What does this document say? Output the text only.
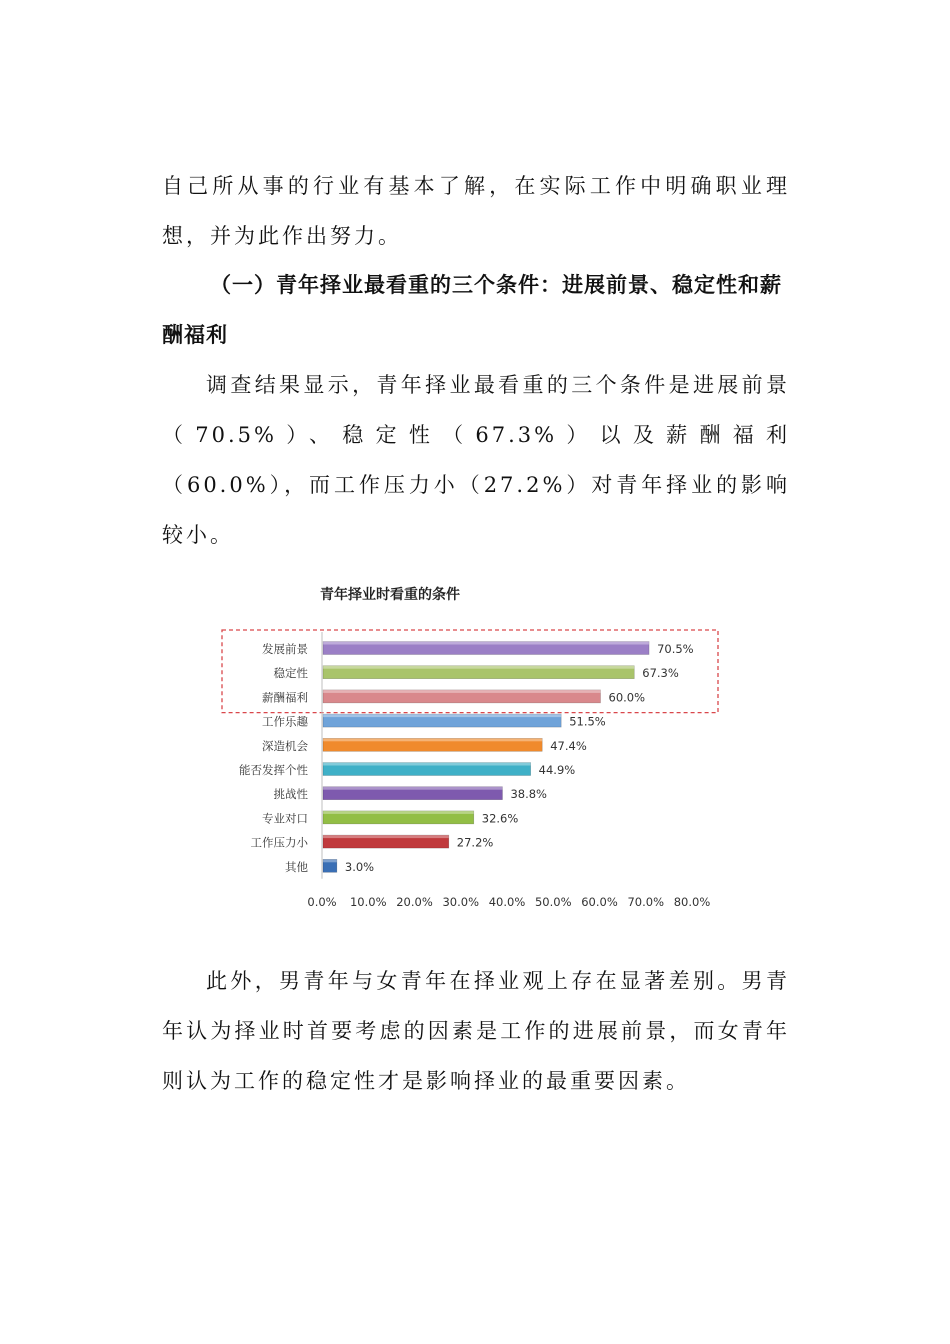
自己所从事的行业有基本了解，在实际工作中明确职业理想，并为此作出努力。

（一）青年择业最看重的三个条件：进展前景、稳定性和薪酬福利

调查结果显示，青年择业最看重的三个条件是进展前景（70.5%）、稳定性（67.3%）以及薪酬福利（60.0%），而工作压力小（27.2%）对青年择业的影响较小。

青年择业时看重的条件
发展前景	70.5%
稳定性	67.3%
薪酬福利	60.0%
工作乐趣	51.5%
深造机会	47.4%
能否发挥个性	44.9%
挑战性	38.8%
专业对口	32.6%
工作压力小	27.2%
其他	3.0%
0.0% 10.0% 20.0% 30.0% 40.0% 50.0% 60.0% 70.0% 80.0%

此外，男青年与女青年在择业观上存在显著差别。男青年认为择业时首要考虑的因素是工作的进展前景，而女青年则认为工作的稳定性才是影响择业的最重要因素。
